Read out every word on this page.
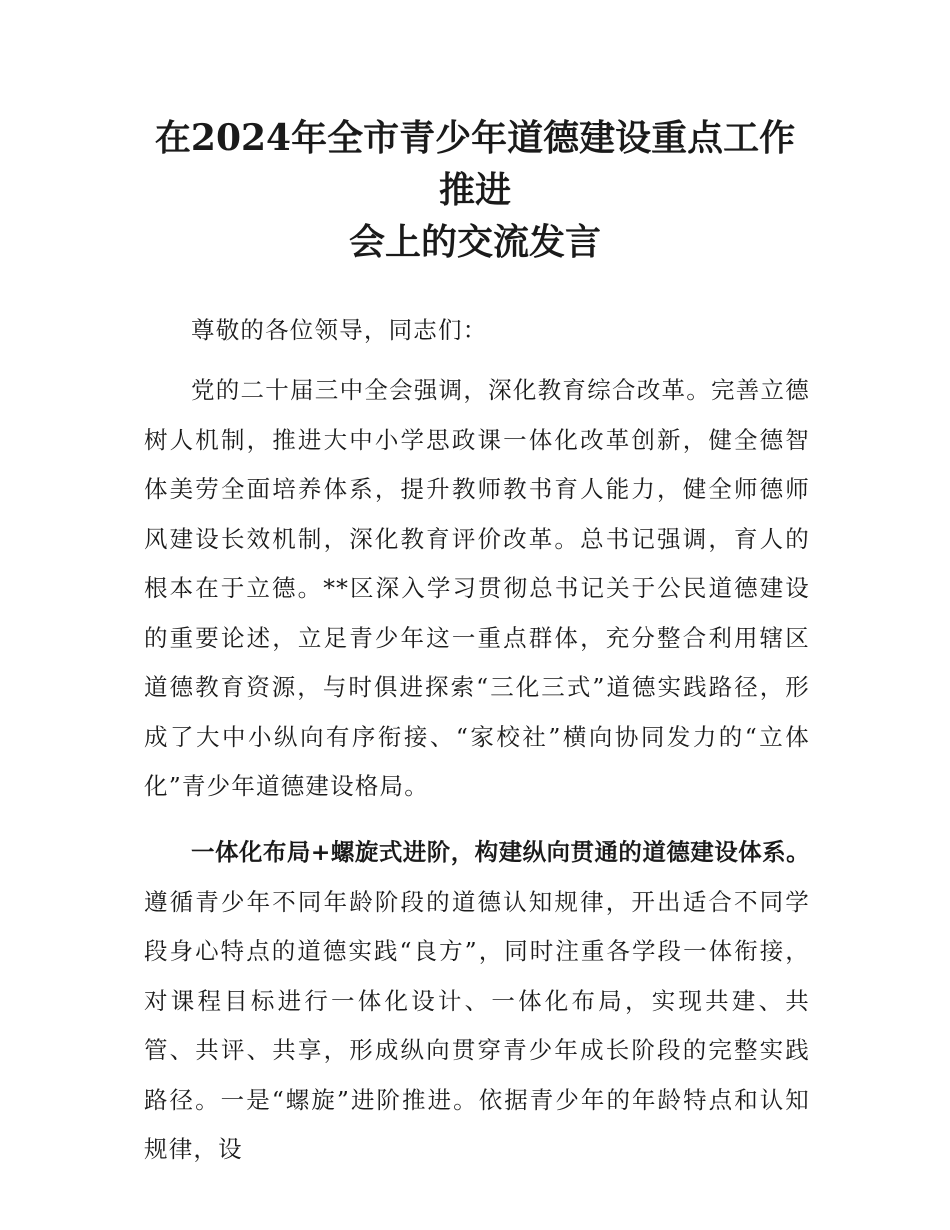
在2024年全市青少年道德建设重点工作推进
会上的交流发言

尊敬的各位领导，同志们：

党的二十届三中全会强调，深化教育综合改革。完善立德树人机制，推进大中小学思政课一体化改革创新，健全德智体美劳全面培养体系，提升教师教书育人能力，健全师德师风建设长效机制，深化教育评价改革。总书记强调，育人的根本在于立德。**区深入学习贯彻总书记关于公民道德建设的重要论述，立足青少年这一重点群体，充分整合利用辖区道德教育资源，与时俱进探索“三化三式”道德实践路径，形成了大中小纵向有序衔接、“家校社”横向协同发力的“立体化”青少年道德建设格局。

一体化布局+螺旋式进阶，构建纵向贯通的道德建设体系。遵循青少年不同年龄阶段的道德认知规律，开出适合不同学段身心特点的道德实践“良方”，同时注重各学段一体衔接，对课程目标进行一体化设计、一体化布局，实现共建、共管、共评、共享，形成纵向贯穿青少年成长阶段的完整实践路径。一是“螺旋”进阶推进。依据青少年的年龄特点和认知规律，设
